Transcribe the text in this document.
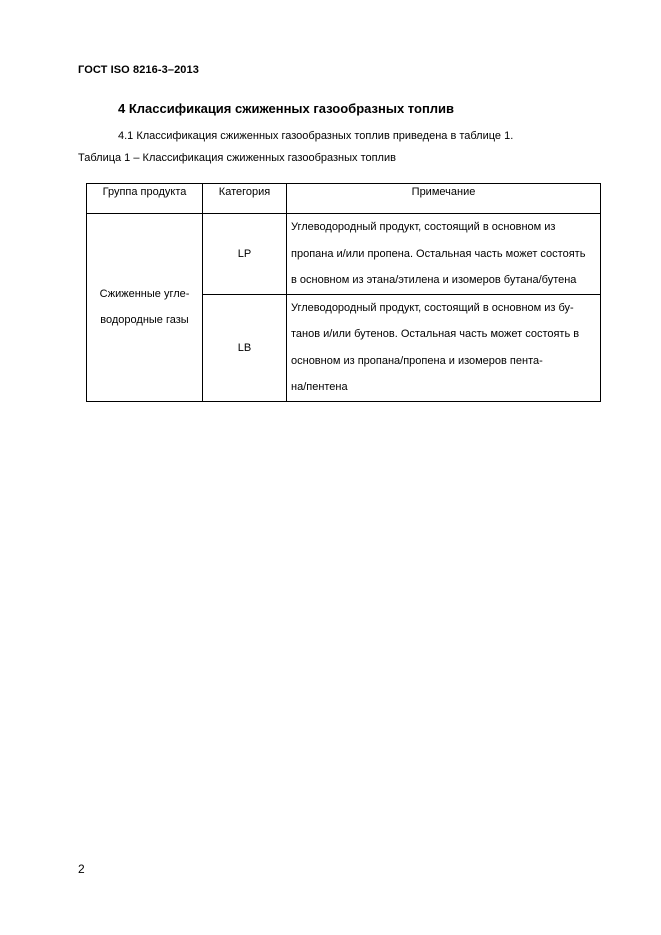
ГОСТ ISO 8216-3–2013
4 Классификация сжиженных газообразных топлив
4.1 Классификация сжиженных газообразных топлив приведена в таблице 1.
Таблица 1 – Классификация сжиженных газообразных топлив
Группа продукта	Категория	Примечание
Сжиженные угле-
водородные газы	LP	Углеводородный продукт, состоящий в основном из
пропана и/или пропена. Остальная часть может состоять
в основном из этана/этилена и изомеров бутана/бутена

	LB	Углеводородный продукт, состоящий в основном из бу-
танов и/или бутенов. Остальная часть может состоять в
основном из пропана/пропена и изомеров пента-
на/пентена
2
